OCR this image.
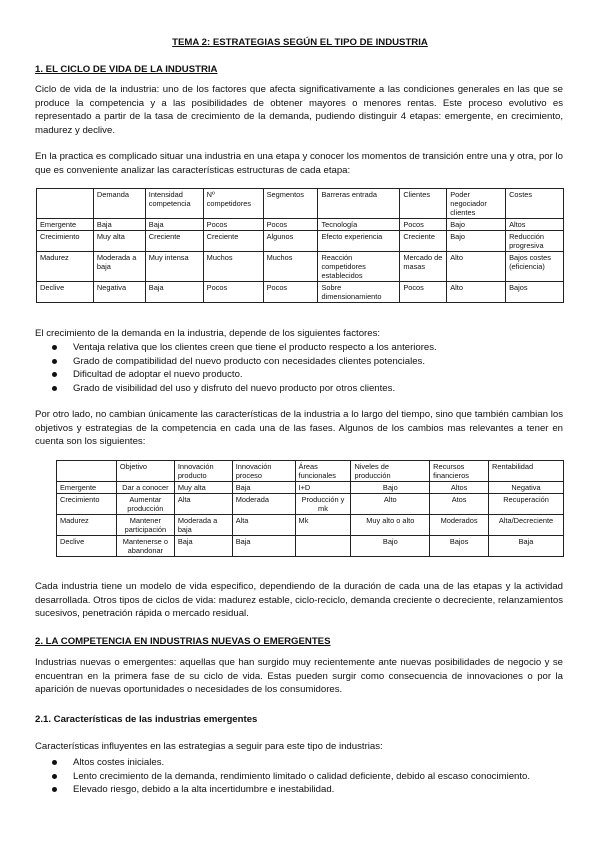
TEMA 2: ESTRATEGIAS SEGÚN EL TIPO DE INDUSTRIA
1. EL CICLO DE VIDA DE LA INDUSTRIA

Ciclo de vida de la industria: uno de los factores que afecta significativamente a las condiciones generales en las que se produce la competencia y a las posibilidades de obtener mayores o menores rentas. Este proceso evolutivo es representado a partir de la tasa de crecimiento de la demanda, pudiendo distinguir 4 etapas: emergente, en crecimiento, madurez y declive.

En la practica es complicado situar una industria en una etapa y conocer los momentos de transición entre una y otra, por lo que es conveniente analizar las características estructuras de cada etapa:

	Demanda	Intensidad competencia	Nº competidores	Segmentos	Barreras entrada	Clientes	Poder negociador clientes	Costes
Emergente	Baja	Baja	Pocos	Pocos	Tecnología	Pocos	Bajo	Altos
Crecimiento	Muy alta	Creciente	Creciente	Algunos	Efecto experiencia	Creciente	Bajo	Reducción progresiva
Madurez	Moderada a baja	Muy intensa	Muchos	Muchos	Reacción competidores establecidos	Mercado de masas	Alto	Bajos costes (eficiencia)
Declive	Negativa	Baja	Pocos	Pocos	Sobre dimensionamiento	Pocos	Alto	Bajos

El crecimiento de la demanda en la industria, depende de los siguientes factores:

Ventaja relativa que los clientes creen que tiene el producto respecto a los anteriores.
Grado de compatibilidad del nuevo producto con necesidades clientes potenciales.
Dificultad de adoptar el nuevo producto.
Grado de visibilidad del uso y disfruto del nuevo producto por otros clientes.

Por otro lado, no cambian únicamente las características de la industria a lo largo del tiempo, sino que también cambian los objetivos y estrategias de la competencia en cada una de las fases. Algunos de los cambios mas relevantes a tener en cuenta son los siguientes:

	Objetivo	Innovación producto	Innovación proceso	Áreas funcionales	Niveles de producción	Recursos financieros	Rentabilidad
Emergente	Dar a conocer	Muy alta	Baja	I+D	Bajo	Altos	Negativa
Crecimiento	Aumentar producción	Alta	Moderada	Producción y mk	Alto	Atos	Recuperación
Madurez	Mantener participación	Moderada a baja	Alta	Mk	Muy alto o alto	Moderados	Alta/Decreciente
Declive	Mantenerse o abandonar	Baja	Baja		Bajo	Bajos	Baja

Cada industria tiene un modelo de vida especifico, dependiendo de la duración de cada una de las etapas y la actividad desarrollada. Otros tipos de ciclos de vida: madurez estable, ciclo-reciclo, demanda creciente o decreciente, relanzamientos sucesivos, penetración rápida o mercado residual.

2. LA COMPETENCIA EN INDUSTRIAS NUEVAS O EMERGENTES

Industrias nuevas o emergentes: aquellas que han surgido muy recientemente ante nuevas posibilidades de negocio y se encuentran en la primera fase de su ciclo de vida. Estas pueden surgir como consecuencia de innovaciones o por la aparición de nuevas oportunidades o necesidades de los consumidores.

2.1. Características de las industrias emergentes

Características influyentes en las estrategias a seguir para este tipo de industrias:

Altos costes iniciales.
Lento crecimiento de la demanda, rendimiento limitado o calidad deficiente, debido al escaso conocimiento.
Elevado riesgo, debido a la alta incertidumbre e inestabilidad.
